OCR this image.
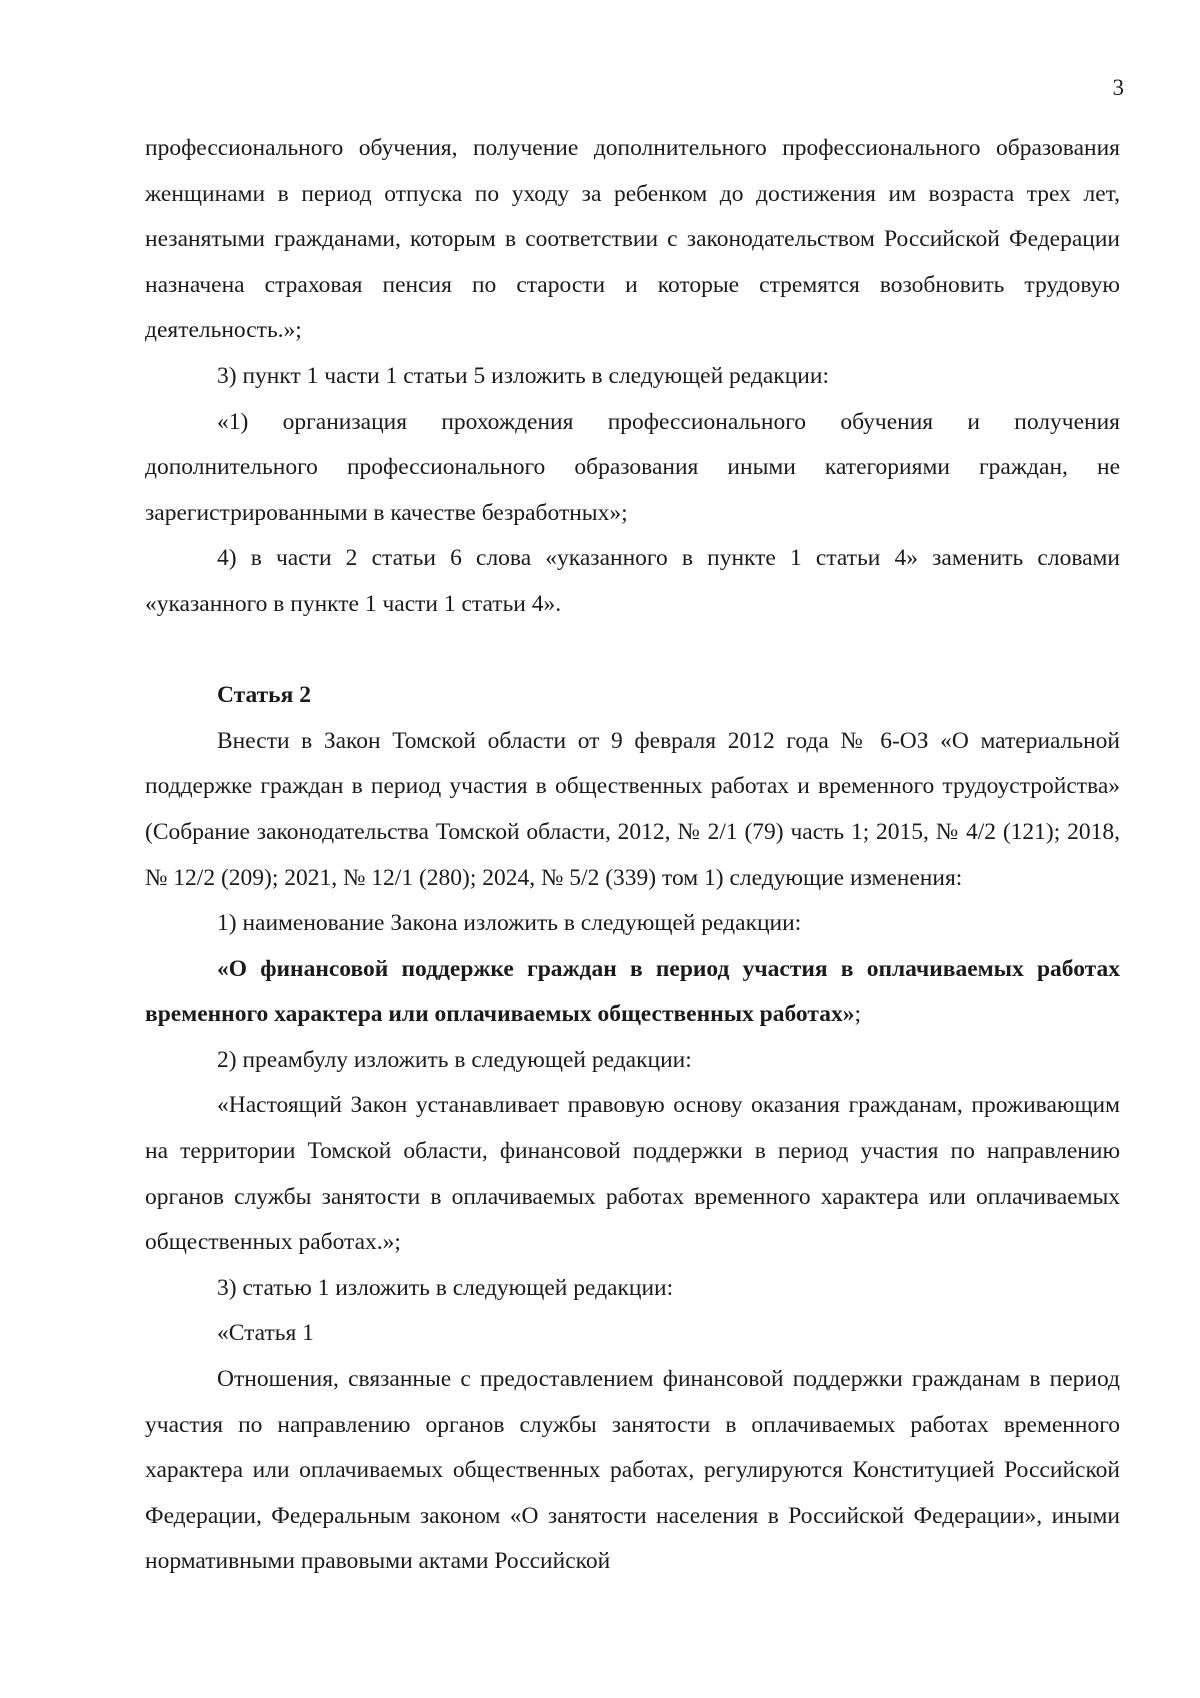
3

профессионального обучения, получение дополнительного профессионального образования женщинами в период отпуска по уходу за ребенком до достижения им возраста трех лет, незанятыми гражданами, которым в соответствии с законодательством Российской Федерации назначена страховая пенсия по старости и которые стремятся возобновить трудовую деятельность.»;

3) пункт 1 части 1 статьи 5 изложить в следующей редакции:

«1) организация прохождения профессионального обучения и получения дополнительного профессионального образования иными категориями граждан, не зарегистрированными в качестве безработных»;

4) в части 2 статьи 6 слова «указанного в пункте 1 статьи 4» заменить словами «указанного в пункте 1 части 1 статьи 4».

Статья 2

Внести в Закон Томской области от 9 февраля 2012 года № 6-ОЗ «О материальной поддержке граждан в период участия в общественных работах и временного трудоустройства» (Собрание законодательства Томской области, 2012, № 2/1 (79) часть 1; 2015, № 4/2 (121); 2018, № 12/2 (209); 2021, № 12/1 (280); 2024, № 5/2 (339) том 1) следующие изменения:

1) наименование Закона изложить в следующей редакции:

«О финансовой поддержке граждан в период участия в оплачиваемых работах временного характера или оплачиваемых общественных работах»;

2) преамбулу изложить в следующей редакции:

«Настоящий Закон устанавливает правовую основу оказания гражданам, проживающим на территории Томской области, финансовой поддержки в период участия по направлению органов службы занятости в оплачиваемых работах временного характера или оплачиваемых общественных работах.»;

3) статью 1 изложить в следующей редакции:

«Статья 1

Отношения, связанные с предоставлением финансовой поддержки гражданам в период участия по направлению органов службы занятости в оплачиваемых работах временного характера или оплачиваемых общественных работах, регулируются Конституцией Российской Федерации, Федеральным законом «О занятости населения в Российской Федерации», иными нормативными правовыми актами Российской
